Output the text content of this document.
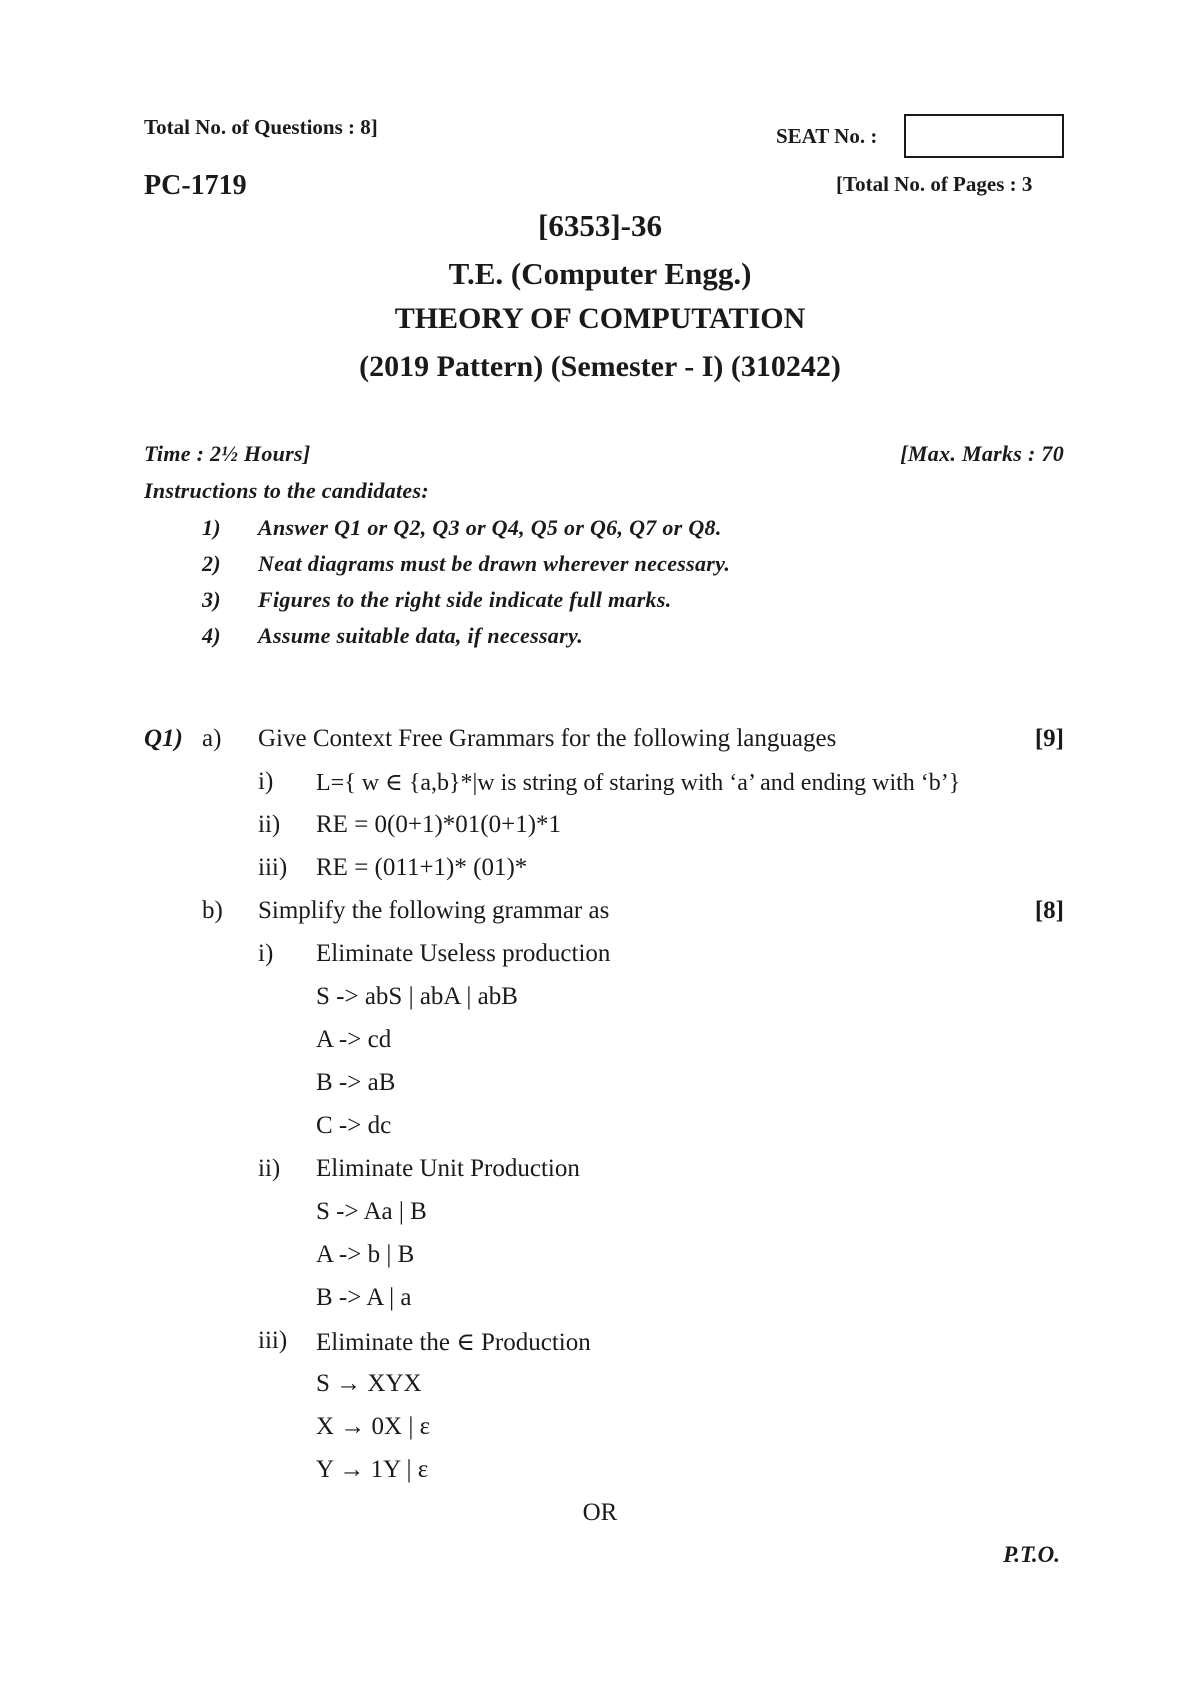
Total No. of Questions : 8]	SEAT No. :
PC-1719	[Total No. of Pages : 3
[6353]-36
T.E. (Computer Engg.)
THEORY OF COMPUTATION
(2019 Pattern) (Semester - I) (310242)
Time : 2½ Hours]	[Max. Marks : 70
Instructions to the candidates:
1) Answer Q1 or Q2, Q3 or Q4, Q5 or Q6, Q7 or Q8.
2) Neat diagrams must be drawn wherever necessary.
3) Figures to the right side indicate full marks.
4) Assume suitable data, if necessary.
Q1) a) Give Context Free Grammars for the following languages	[9]
i) L={ w ∈ {a,b}*|w is string of staring with ‘a’ and ending with ‘b’}
ii) RE = 0(0+1)*01(0+1)*1
iii) RE = (011+1)* (01)*
b) Simplify the following grammar as	[8]
i) Eliminate Useless production
S -> abS | abA | abB
A -> cd
B -> aB
C -> dc
ii) Eliminate Unit Production
S -> Aa | B
A -> b | B
B -> A | a
iii) Eliminate the ∈ Production
S → XYX
X → 0X | ε
Y → 1Y | ε
OR
P.T.O.
